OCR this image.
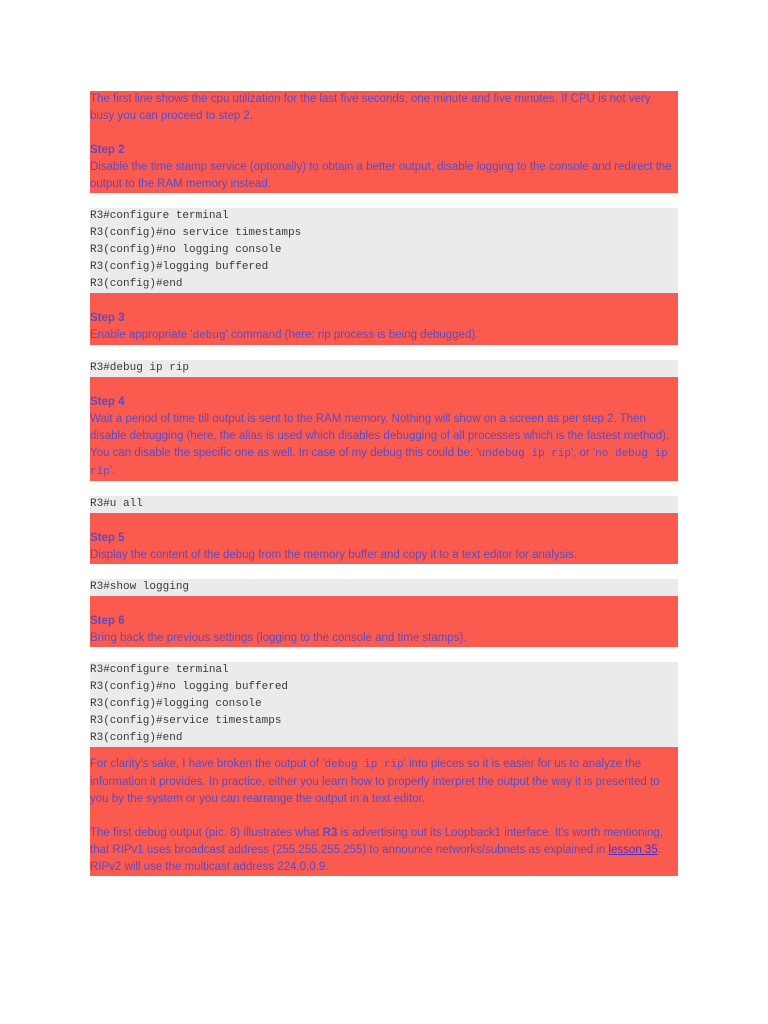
The first line shows the cpu utilization for the last five seconds, one minute and five minutes. If CPU is not very busy you can proceed to step 2.

Step 2

Disable the time stamp service (optionally) to obtain a better output, disable logging to the console and redirect the output to the RAM memory instead.

R3#configure terminal
R3(config)#no service timestamps
R3(config)#no logging console
R3(config)#logging buffered
R3(config)#end

Step 3

Enable appropriate 'debug' command (here: rip process is being debugged).

R3#debug ip rip

Step 4

Wait a period of time till output is sent to the RAM memory. Nothing will show on a screen as per step 2. Then disable debugging (here, the alias is used which disables debugging of all processes which is the fastest method). You can disable the specific one as well. In case of my debug this could be: 'undebug ip rip', or 'no debug ip rip'.

R3#u all

Step 5

Display the content of the debug from the memory buffer and copy it to a text editor for analysis.

R3#show logging

Step 6

Bring back the previous settings (logging to the console and time stamps).

R3#configure terminal
R3(config)#no logging buffered
R3(config)#logging console
R3(config)#service timestamps
R3(config)#end

For clarity's sake, I have broken the output of 'debug ip rip' into pieces so it is easier for us to analyze the information it provides. In practice, either you learn how to properly interpret the output the way it is presented to you by the system or you can rearrange the output in a text editor.

The first debug output (pic. 8) illustrates what R3 is advertising out its Loopback1 interface. It's worth mentioning, that RIPv1 uses broadcast address (255.255.255.255) to announce networks/subnets as explained in lesson 35. RIPv2 will use the multicast address 224.0.0.9.
